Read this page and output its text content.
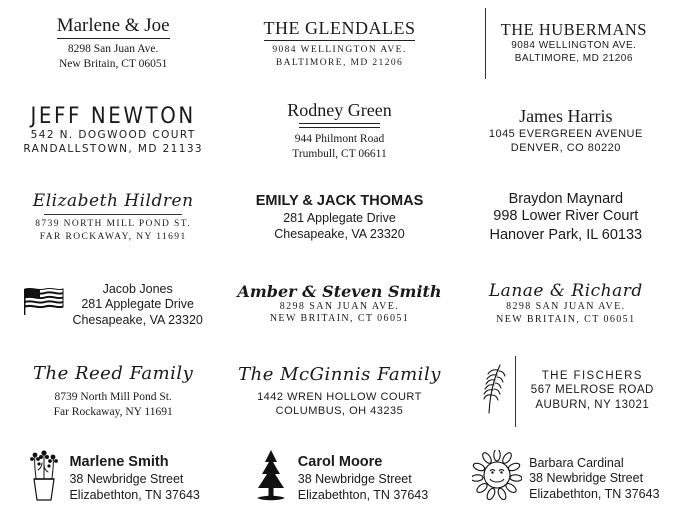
Marlene & Joe
8298 San Juan Ave.
New Britain, CT 06051
THE GLENDALES
9084 WELLINGTON AVE.
BALTIMORE, MD 21206
THE HUBERMANS
9084 WELLINGTON AVE.
BALTIMORE, MD 21206
JEFF NEWTON
542 N. DOGWOOD COURT
RANDALLSTOWN, MD 21133
Rodney Green
944 Philmont Road
Trumbull, CT 06611
James Harris
1045 EVERGREEN AVENUE
DENVER, CO 80220
Elizabeth Hildren
8739 NORTH MILL POND ST.
FAR ROCKAWAY, NY 11691
EMILY & JACK THOMAS
281 Applegate Drive
Chesapeake, VA 23320
Braydon Maynard
998 Lower River Court
Hanover Park, IL 60133
Jacob Jones
281 Applegate Drive
Chesapeake, VA 23320
Amber & Steven Smith
8298 SAN JUAN AVE.
NEW BRITAIN, CT 06051
Lanae & Richard
8298 SAN JUAN AVE.
NEW BRITAIN, CT 06051
The Reed Family
8739 North Mill Pond St.
Far Rockaway, NY 11691
The McGinnis Family
1442 WREN HOLLOW COURT
COLUMBUS, OH 43235
THE FISCHERS
567 MELROSE ROAD
AUBURN, NY 13021
Marlene Smith
38 Newbridge Street
Elizabethton, TN 37643
Carol Moore
38 Newbridge Street
Elizabethton, TN 37643
Barbara Cardinal
38 Newbridge Street
Elizabethton, TN 37643
